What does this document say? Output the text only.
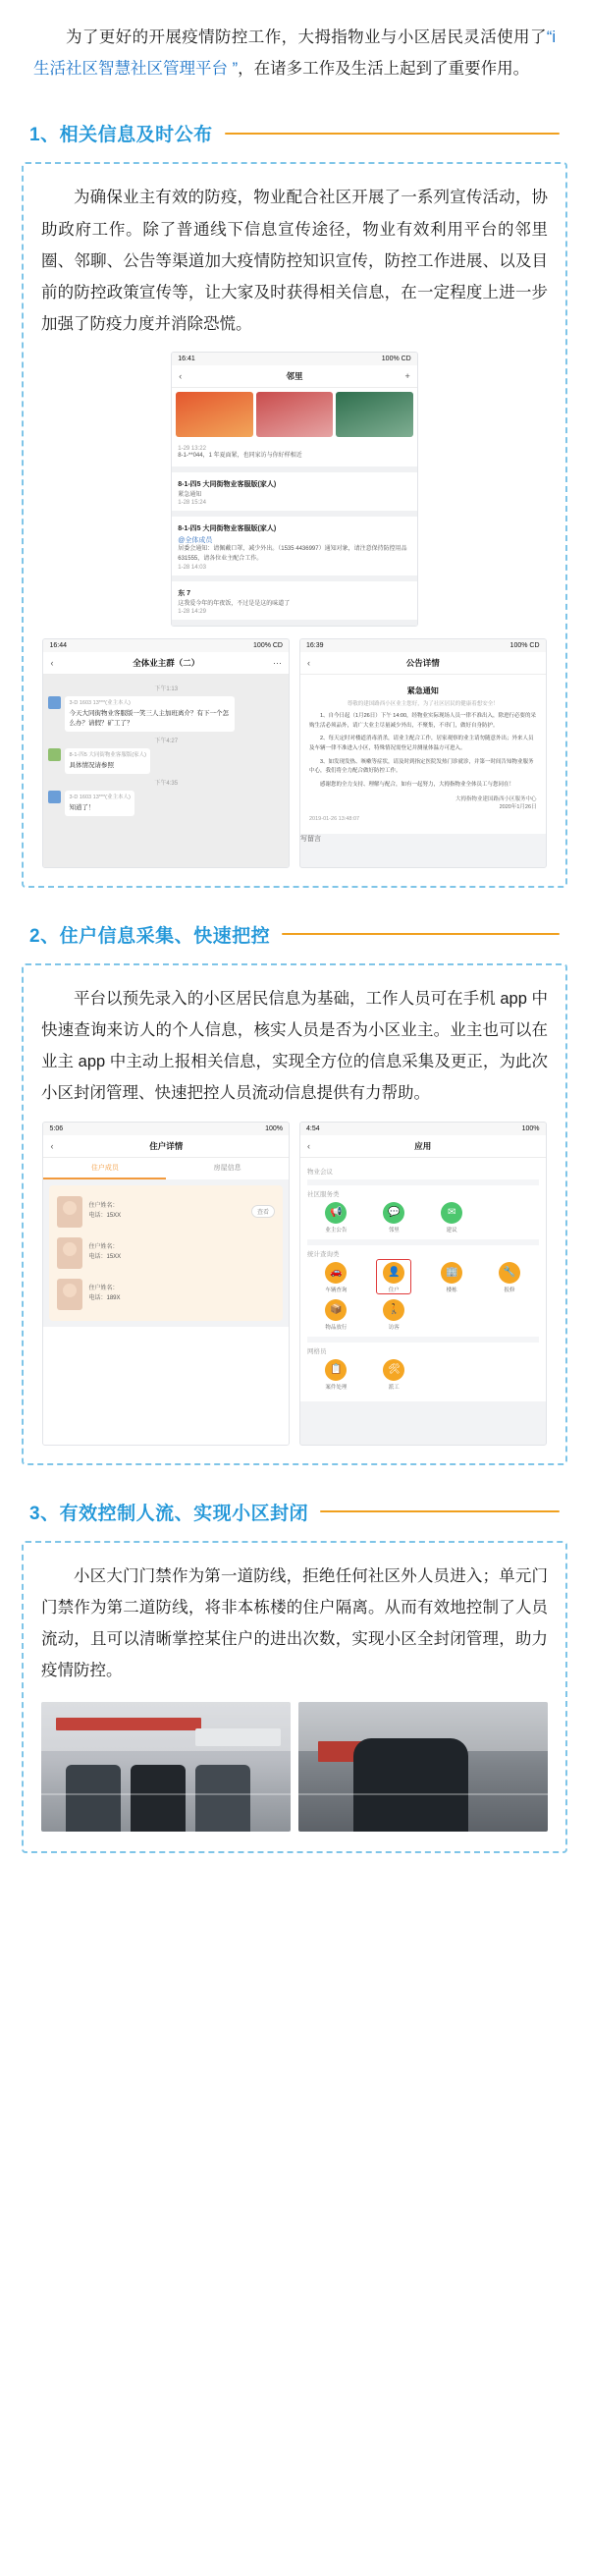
为了更好的开展疫情防控工作，大拇指物业与小区居民灵活使用了“i 生活社区智慧社区管理平台 ”，在诸多工作及生活上起到了重要作用。
1、相关信息及时公布
为确保业主有效的防疫，物业配合社区开展了一系列宣传活动，协助政府工作。除了普通线下信息宣传途径，物业有效利用平台的邻里圈、邻聊、公告等渠道加大疫情防控知识宣传，防控工作进展、以及目前的防控政策宣传等，让大家及时获得相关信息，在一定程度上进一步加强了防疫力度并消除恐慌。
16:41	100% CD
‹	邻里	+
1-29 13:22
8-1-**044，1 年夏面紧，也同家访与你好样相近
8-1-四5 大同街物业客服版(家人)
紧急通知
1-28 15:24
8-1-四5 大同街物业客服版(家人)
@全体成员
居委会通知：请佩戴口罩，减少外出。（1535 4436997）通知对象，请注意保持防控用品631555，请各位业主配合工作。
1-28 14:03
东 7
这我爱今年的年夜饭，不过是是这的味道了
1-28 14:29
16:44	100% CD
‹	全体业主群（二）	⋯
下午1:13
3-D 1603 13***(业主本人)
今天大同街物业客服版一笑三人主加班离介？有下一个怎么办？请假？矿工了？
下午4:27
8-1-四5 大同街物业客服版(家人)
具体情况请参照
下午4:35
3-D 1603 13***(业主本人)
知道了！
16:39	100% CD
‹	公告详情
紧急通知
尊敬的建国路西小区业主您好，为了社区居民的健康着想安全！

1、自今日起（1月26日）下午 14:00，经物业实际现场人员一律不准出入，除进行必要的采购生活必须品外，请广大业主尽量减少外出，不聚集，不串门，做好自身防护。

2、每天定时对楼道消毒消杀，请业主配合工作，居家观察的业主请勿随意外出；外来人员及车辆一律不准进入小区，特殊情况需登记并测量体温方可进入。

3、如发现发热、咳嗽等症状，请及时到指定医院发热门诊就诊，并第一时间告知物业服务中心，我们将全力配合做好防控工作。

感谢您的全力支持、理解与配合，如有一起努力，大拇指物业全体员工与您同在！

大拇指物业建国路西小区服务中心
2020年1月26日
2019-01-26 13:48:07
写留言
2、住户信息采集、快速把控
平台以预先录入的小区居民信息为基础，工作人员可在手机 app 中快速查询来访人的个人信息，核实人员是否为小区业主。业主也可以在业主 app 中主动上报相关信息，实现全方位的信息采集及更正，为此次小区封闭管理、快速把控人员流动信息提供有力帮助。
5:06	100%
‹	住户详情
住户成员	房屋信息
住户姓名：
电话：15XX	查看
住户姓名：
电话：15XX
住户姓名：
电话：189X
4:54	100%
‹	应用
物业会议
社区服务类
📢
业主公告
💬
邻里
✉
建议
统计查询类
🚗
车辆查询
👤
住户
🏢
楼栋
🔧
报修
📦
物品放行
🚶
访客
网格员
📋
案件处理
🛠
派工
3、有效控制人流、实现小区封闭
小区大门门禁作为第一道防线，拒绝任何社区外人员进入；单元门门禁作为第二道防线，将非本栋楼的住户隔离。从而有效地控制了人员流动，且可以清晰掌控某住户的进出次数，实现小区全封闭管理，助力疫情防控。
